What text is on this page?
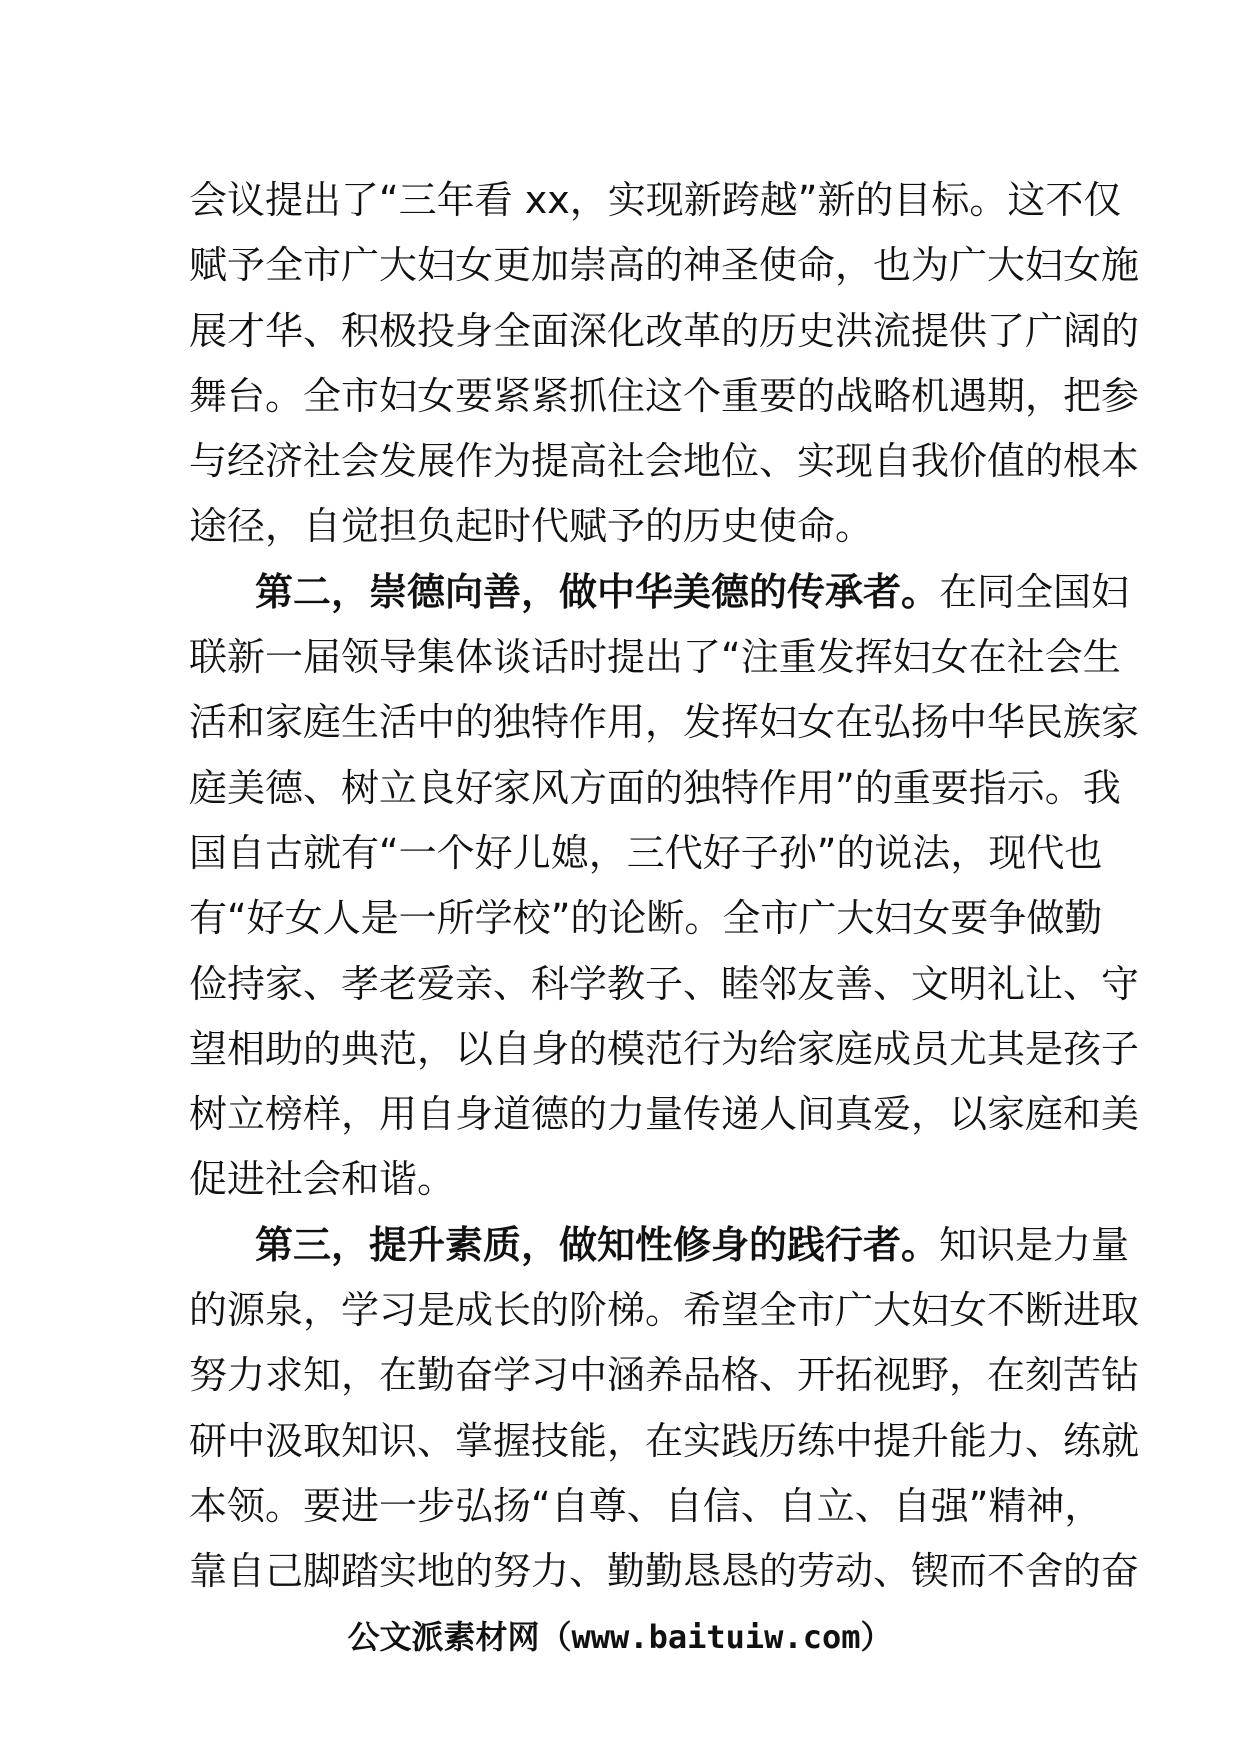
会议提出了“三年看 xx，实现新跨越”新的目标。这不仅
赋予全市广大妇女更加崇高的神圣使命，也为广大妇女施
展才华、积极投身全面深化改革的历史洪流提供了广阔的
舞台。全市妇女要紧紧抓住这个重要的战略机遇期，把参
与经济社会发展作为提高社会地位、实现自我价值的根本
途径，自觉担负起时代赋予的历史使命。
第二，崇德向善，做中华美德的传承者。在同全国妇
联新一届领导集体谈话时提出了“注重发挥妇女在社会生
活和家庭生活中的独特作用，发挥妇女在弘扬中华民族家
庭美德、树立良好家风方面的独特作用”的重要指示。我
国自古就有“一个好儿媳，三代好子孙”的说法，现代也
有“好女人是一所学校”的论断。全市广大妇女要争做勤
俭持家、孝老爱亲、科学教子、睦邻友善、文明礼让、守
望相助的典范，以自身的模范行为给家庭成员尤其是孩子
树立榜样，用自身道德的力量传递人间真爱，以家庭和美
促进社会和谐。
第三，提升素质，做知性修身的践行者。知识是力量
的源泉，学习是成长的阶梯。希望全市广大妇女不断进取
努力求知，在勤奋学习中涵养品格、开拓视野，在刻苦钻
研中汲取知识、掌握技能，在实践历练中提升能力、练就
本领。要进一步弘扬“自尊、自信、自立、自强”精神，
靠自己脚踏实地的努力、勤勤恳恳的劳动、锲而不舍的奋
公文派素材网（www.baituiw.com）
